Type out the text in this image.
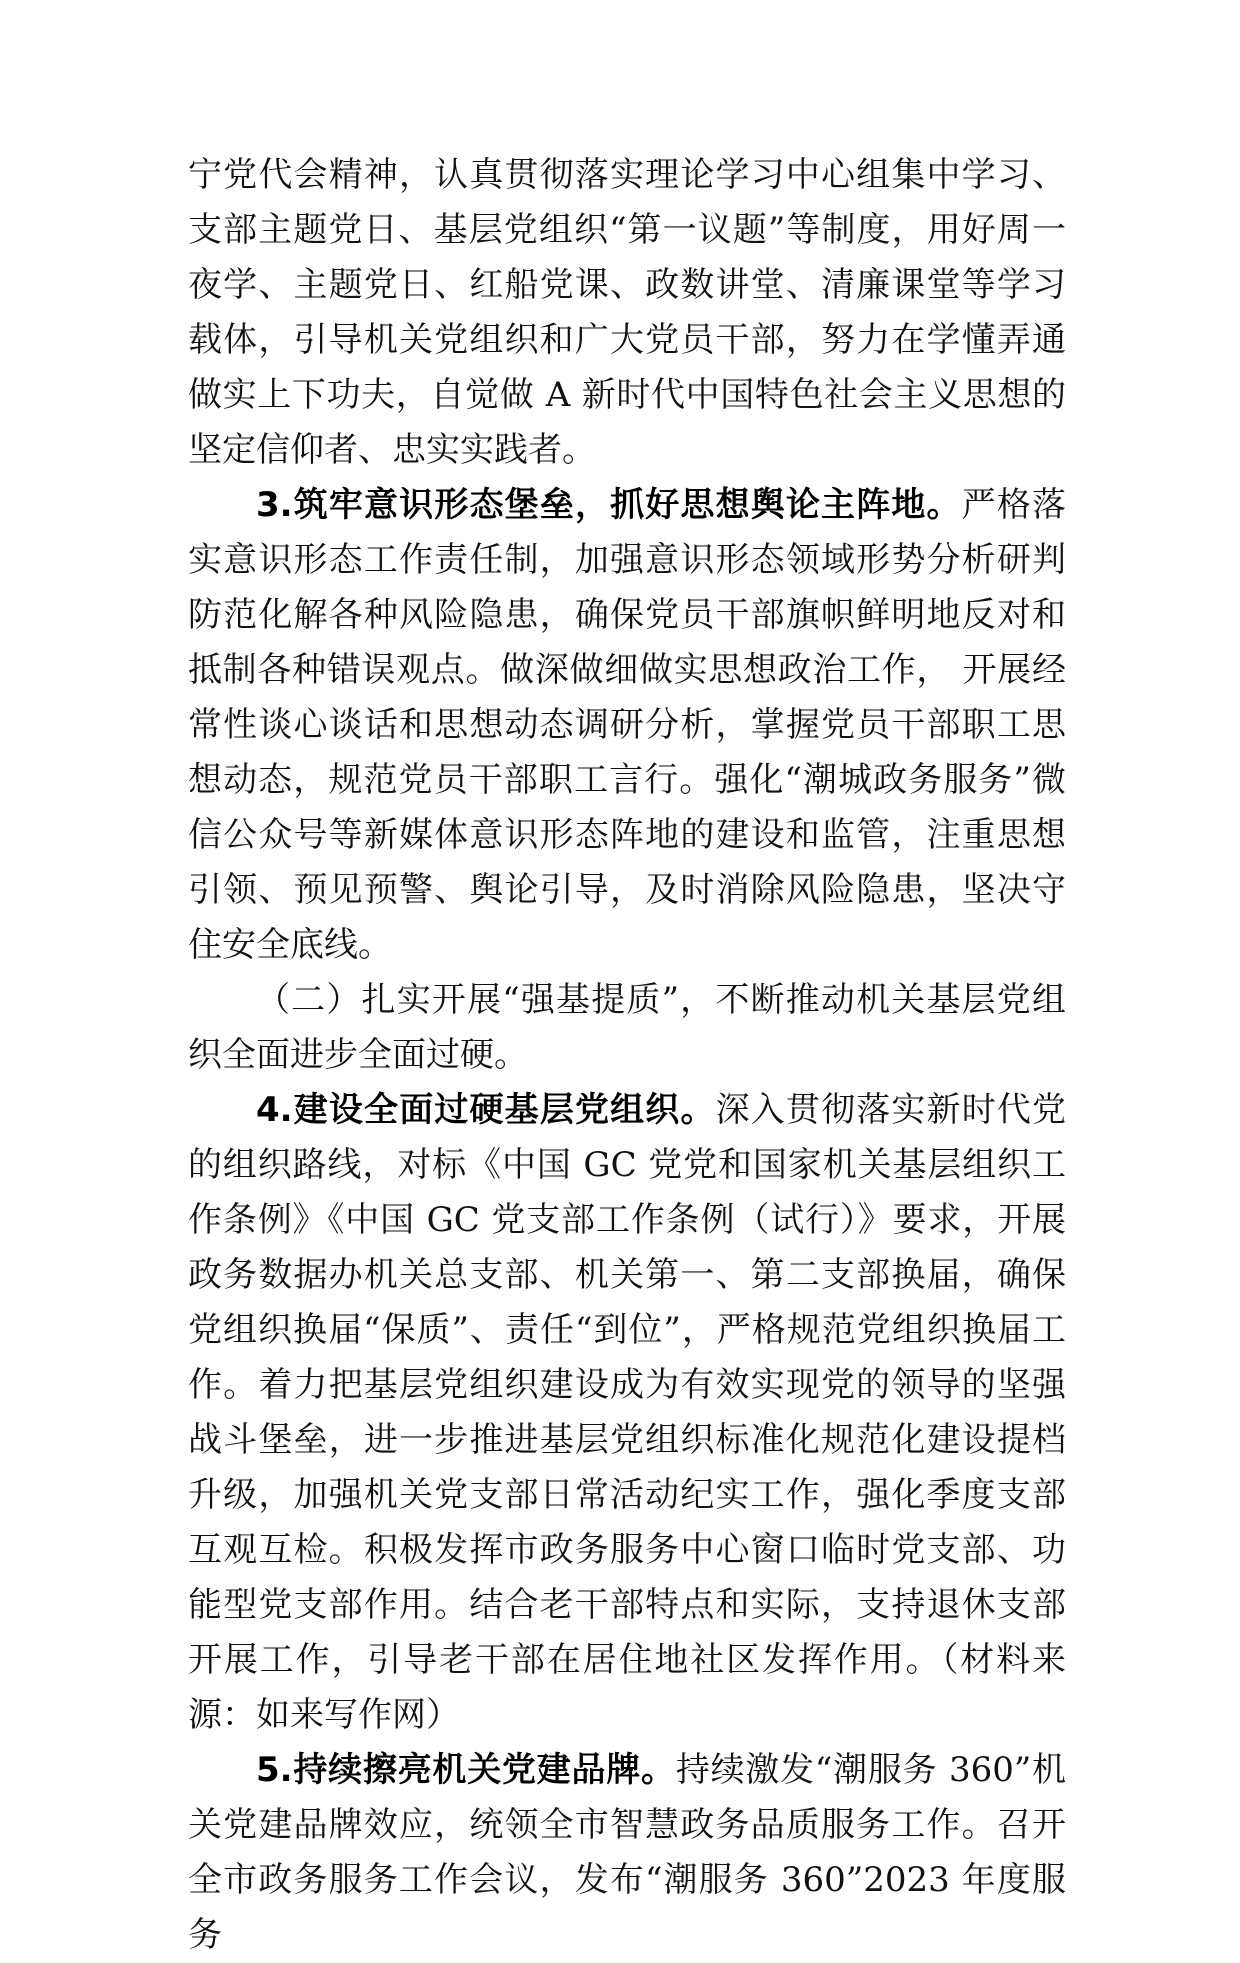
宁党代会精神，认真贯彻落实理论学习中心组集中学习、支部主题党日、基层党组织“第一议题”等制度，用好周一夜学、主题党日、红船党课、政数讲堂、清廉课堂等学习载体，引导机关党组织和广大党员干部，努力在学懂弄通做实上下功夫，自觉做 A 新时代中国特色社会主义思想的坚定信仰者、忠实实践者。

3.筑牢意识形态堡垒，抓好思想舆论主阵地。严格落实意识形态工作责任制，加强意识形态领域形势分析研判防范化解各种风险隐患，确保党员干部旗帜鲜明地反对和抵制各种错误观点。做深做细做实思想政治工作， 开展经常性谈心谈话和思想动态调研分析，掌握党员干部职工思想动态，规范党员干部职工言行。强化“潮城政务服务”微信公众号等新媒体意识形态阵地的建设和监管，注重思想引领、预见预警、舆论引导，及时消除风险隐患，坚决守住安全底线。

（二）扎实开展“强基提质”，不断推动机关基层党组织全面进步全面过硬。

4.建设全面过硬基层党组织。深入贯彻落实新时代党的组织路线，对标《中国 GC 党党和国家机关基层组织工作条例》《中国 GC 党支部工作条例（试行）》要求，开展政务数据办机关总支部、机关第一、第二支部换届，确保党组织换届“保质”、责任“到位”，严格规范党组织换届工作。着力把基层党组织建设成为有效实现党的领导的坚强战斗堡垒，进一步推进基层党组织标准化规范化建设提档升级，加强机关党支部日常活动纪实工作，强化季度支部互观互检。积极发挥市政务服务中心窗口临时党支部、功能型党支部作用。结合老干部特点和实际，支持退休支部开展工作，引导老干部在居住地社区发挥作用。（材料来源：如来写作网）

5.持续擦亮机关党建品牌。持续激发“潮服务 360”机关党建品牌效应，统领全市智慧政务品质服务工作。召开全市政务服务工作会议，发布“潮服务 360”2023 年度服务
